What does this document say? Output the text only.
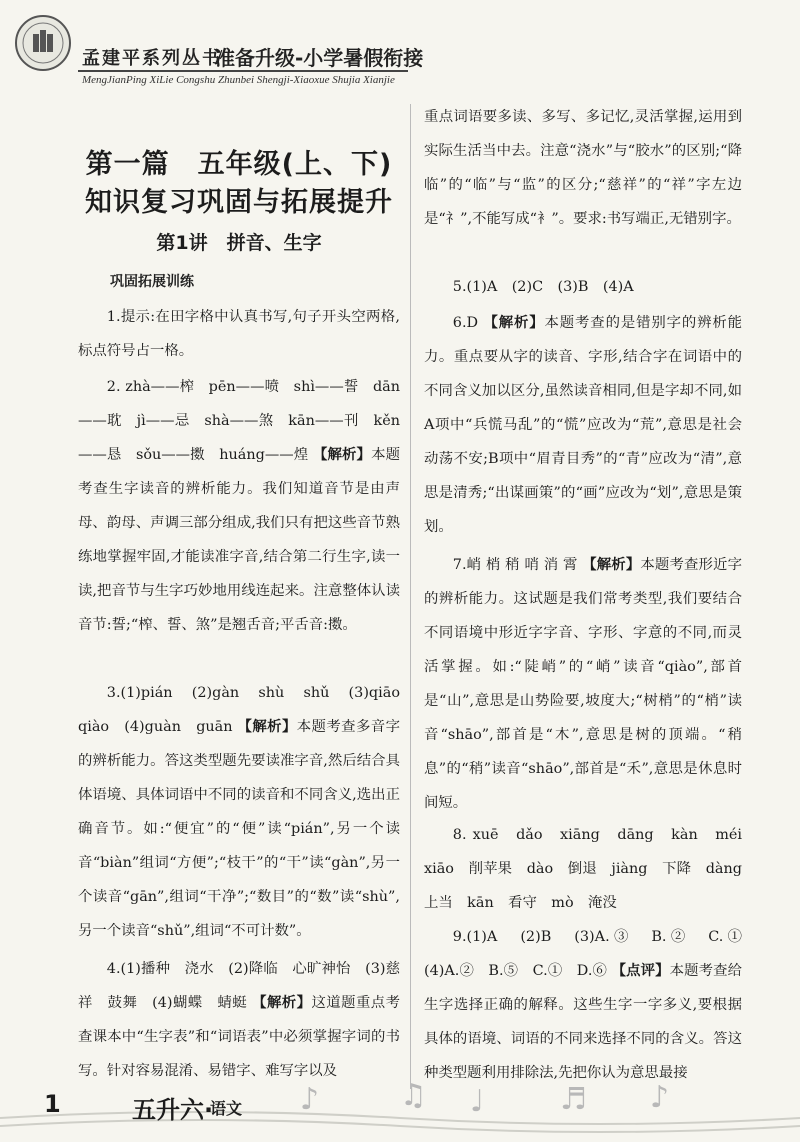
孟建平系列丛书
准备升级-小学暑假衔接
MengJianPing XiLie Congshu Zhunbei Shengji-Xiaoxue Shujia Xianjie
第一篇　五年级(上、下)
知识复习巩固与拓展提升
第1讲　拼音、生字
巩固拓展训练
1.提示:在田字格中认真书写,句子开头空两格,标点符号占一格。
2. zhà——榨　pēn——喷　shì——誓　dān——耽　jì——忌　shà——煞　kān——刊　kěn——恳　sǒu——擞　huáng——煌 【解析】本题考查生字读音的辨析能力。我们知道音节是由声母、韵母、声调三部分组成,我们只有把这些音节熟练地掌握牢固,才能读准字音,结合第二行生字,读一读,把音节与生字巧妙地用线连起来。注意整体认读音节:誓;“榨、誓、煞”是翘舌音;平舌音:擞。
3.(1)pián　(2)gàn　shù　shǔ　(3)qiāo　qiào　(4)guàn　guān 【解析】本题考查多音字的辨析能力。答这类型题先要读准字音,然后结合具体语境、具体词语中不同的读音和不同含义,选出正确音节。如:“便宜”的“便”读“pián”,另一个读音“biàn”组词“方便”;“枝干”的“干”读“gàn”,另一个读音“gān”,组词“干净”;“数目”的“数”读“shù”,另一个读音“shǔ”,组词“不可计数”。
4.(1)播种　浇水　(2)降临　心旷神怡　(3)慈祥　鼓舞　(4)蝴蝶　蜻蜓 【解析】这道题重点考查课本中“生字表”和“词语表”中必须掌握字词的书写。针对容易混淆、易错字、难写字以及
重点词语要多读、多写、多记忆,灵活掌握,运用到实际生活当中去。注意“浇水”与“胶水”的区别;“降临”的“临”与“监”的区分;“慈祥”的“祥”字左边是“礻”,不能写成“衤”。要求:书写端正,无错别字。
5.(1)A　(2)C　(3)B　(4)A
6.D 【解析】本题考查的是错别字的辨析能力。重点要从字的读音、字形,结合字在词语中的不同含义加以区分,虽然读音相同,但是字却不同,如A项中“兵慌马乱”的“慌”应改为“荒”,意思是社会动荡不安;B项中“眉青目秀”的“青”应改为“清”,意思是清秀;“出谋画策”的“画”应改为“划”,意思是策划。
7.峭 梢 稍 哨 消 霄 【解析】本题考查形近字的辨析能力。这试题是我们常考类型,我们要结合不同语境中形近字字音、字形、字意的不同,而灵活掌握。如:“陡峭”的“峭”读音“qiào”,部首是“山”,意思是山势险要,坡度大;“树梢”的“梢”读音“shāo”,部首是“木”,意思是树的顶端。“稍息”的“稍”读音“shāo”,部首是“禾”,意思是休息时间短。
8. xuē　dǎo　xiāng　dāng　kàn　méi　xiāo　削苹果　dào　倒退　jiàng　下降　dàng　上当　kān　看守　mò　淹没
9.(1)A　(2)B　(3)A.③　B.②　C.①　(4)A.②　B.⑤　C.①　D.⑥ 【点评】本题考查给生字选择正确的解释。这些生字一字多义,要根据具体的语境、词语的不同来选择不同的含义。答这种类型题利用排除法,先把你认为意思最接
♪	♫ ♩	♬ ♪
1	五升六·
语文
